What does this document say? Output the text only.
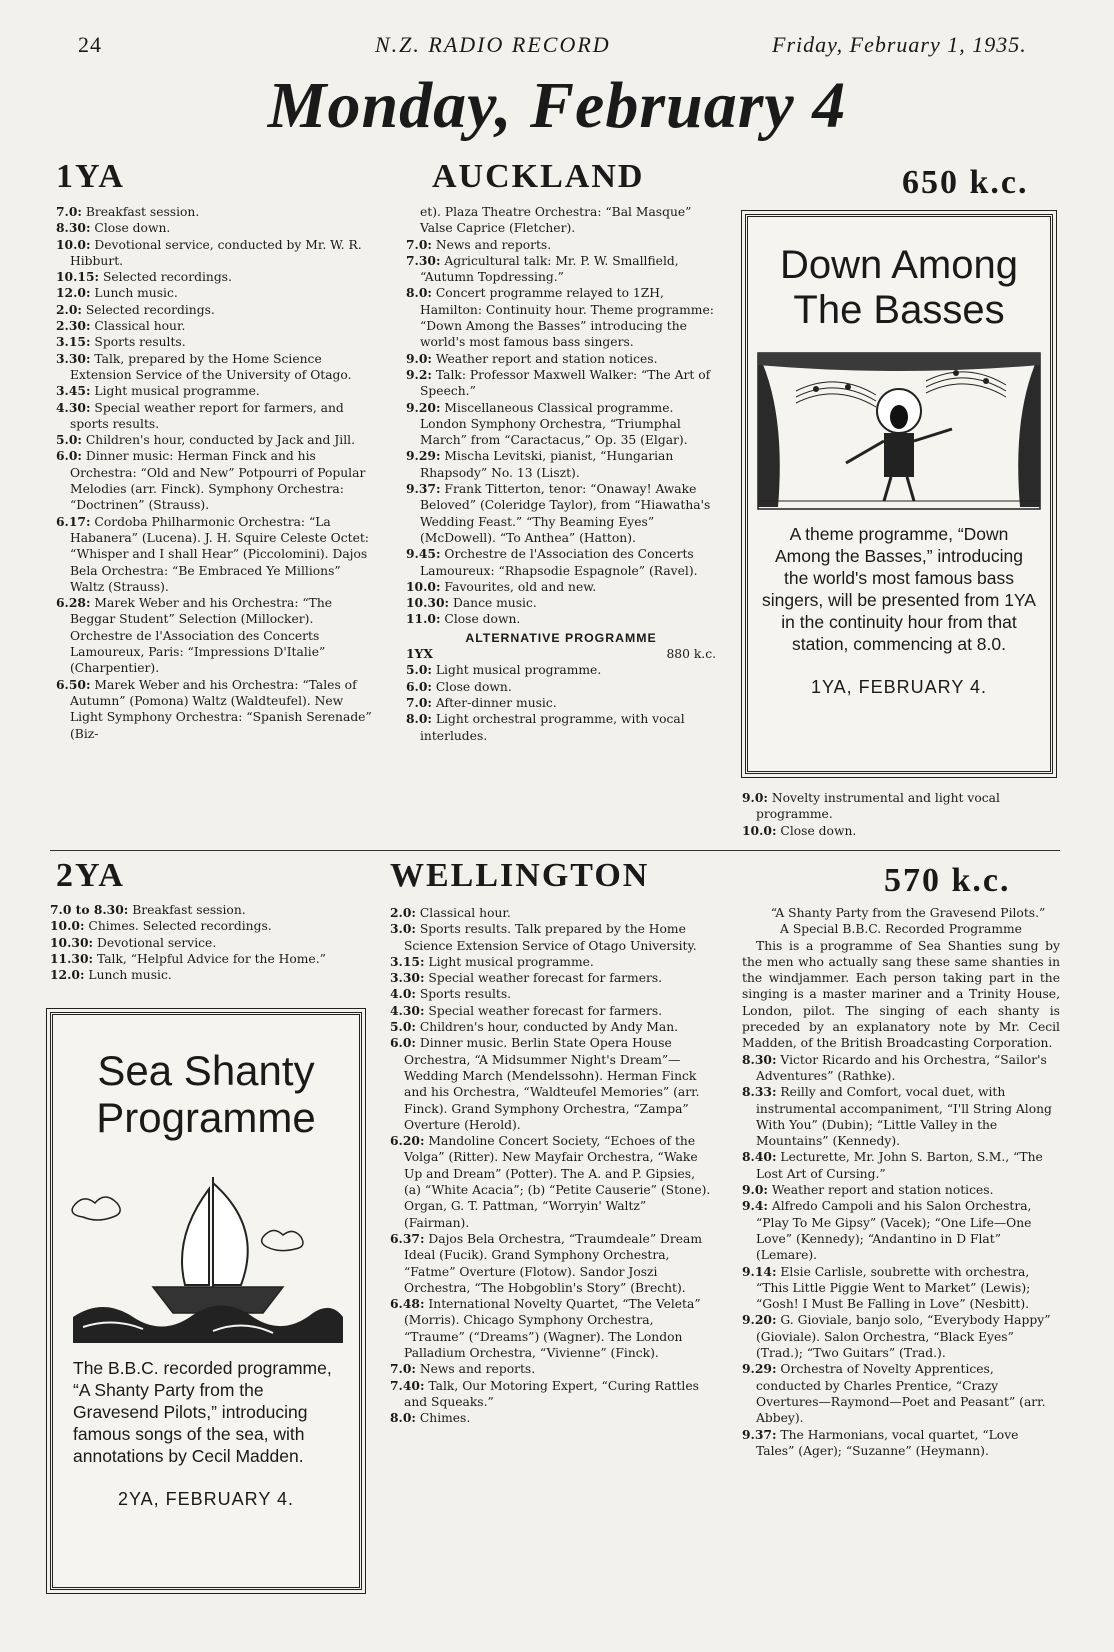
24	N.Z. RADIO RECORD	Friday, February 1, 1935.
Monday, February 4
1YA	AUCKLAND	650 k.c.

7.0: Breakfast session.

8.30: Close down.

10.0: Devotional service, conducted by Mr. W. R. Hibburt.

10.15: Selected recordings.

12.0: Lunch music.

2.0: Selected recordings.

2.30: Classical hour.

3.15: Sports results.

3.30: Talk, prepared by the Home Science Extension Service of the University of Otago.

3.45: Light musical programme.

4.30: Special weather report for farmers, and sports results.

5.0: Children's hour, conducted by Jack and Jill.

6.0: Dinner music: Herman Finck and his Orchestra: “Old and New” Potpourri of Popular Melodies (arr. Finck). Symphony Orchestra: “Doctrinen” (Strauss).

6.17: Cordoba Philharmonic Orchestra: “La Habanera” (Lucena). J. H. Squire Celeste Octet: “Whisper and I shall Hear” (Piccolomini). Dajos Bela Orchestra: “Be Embraced Ye Millions” Waltz (Strauss).

6.28: Marek Weber and his Orchestra: “The Beggar Student” Selection (Millocker). Orchestre de l'Association des Concerts Lamoureux, Paris: “Impressions D'Italie” (Charpentier).

6.50: Marek Weber and his Orchestra: “Tales of Autumn” (Pomona) Waltz (Waldteufel). New Light Symphony Orchestra: “Spanish Serenade” (Biz-

et). Plaza Theatre Orchestra: “Bal Masque” Valse Caprice (Fletcher).

7.0: News and reports.

7.30: Agricultural talk: Mr. P. W. Smallfield, “Autumn Topdressing.”

8.0: Concert programme relayed to 1ZH, Hamilton: Continuity hour. Theme programme: “Down Among the Basses” introducing the world's most famous bass singers.

9.0: Weather report and station notices.

9.2: Talk: Professor Maxwell Walker: “The Art of Speech.”

9.20: Miscellaneous Classical programme. London Symphony Orchestra, “Triumphal March” from “Caractacus,” Op. 35 (Elgar).

9.29: Mischa Levitski, pianist, “Hungarian Rhapsody” No. 13 (Liszt).

9.37: Frank Titterton, tenor: “Onaway! Awake Beloved” (Coleridge Taylor), from “Hiawatha's Wedding Feast.” “Thy Beaming Eyes” (McDowell). “To Anthea” (Hatton).

9.45: Orchestre de l'Association des Concerts Lamoureux: “Rhapsodie Espagnole” (Ravel).

10.0: Favourites, old and new.

10.30: Dance music.

11.0: Close down.

ALTERNATIVE PROGRAMME

1YX	880 k.c.

5.0: Light musical programme.

6.0: Close down.

7.0: After-dinner music.

8.0: Light orchestral programme, with vocal interludes.

Down Among

The Basses

A theme programme, “Down Among the Basses,” introducing the world's most famous bass singers, will be presented from 1YA in the continuity hour from that station, commencing at 8.0.

1YA, FEBRUARY 4.

9.0: Novelty instrumental and light vocal programme.

10.0: Close down.

2YA	WELLINGTON	570 k.c.

7.0 to 8.30: Breakfast session.

10.0: Chimes. Selected recordings.

10.30: Devotional service.

11.30: Talk, “Helpful Advice for the Home.”

12.0: Lunch music.

Sea Shanty

Programme

The B.B.C. recorded programme, “A Shanty Party from the Gravesend Pilots,” introducing famous songs of the sea, with annotations by Cecil Madden.

2YA, FEBRUARY 4.

2.0: Classical hour.

3.0: Sports results. Talk prepared by the Home Science Extension Service of Otago University.

3.15: Light musical programme.

3.30: Special weather forecast for farmers.

4.0: Sports results.

4.30: Special weather forecast for farmers.

5.0: Children's hour, conducted by Andy Man.

6.0: Dinner music. Berlin State Opera House Orchestra, “A Midsummer Night's Dream”—Wedding March (Mendelssohn). Herman Finck and his Orchestra, “Waldteufel Memories” (arr. Finck). Grand Symphony Orchestra, “Zampa” Overture (Herold).

6.20: Mandoline Concert Society, “Echoes of the Volga” (Ritter). New Mayfair Orchestra, “Wake Up and Dream” (Potter). The A. and P. Gipsies, (a) “White Acacia”; (b) “Petite Causerie” (Stone). Organ, G. T. Pattman, “Worryin' Waltz” (Fairman).

6.37: Dajos Bela Orchestra, “Traumdeale” Dream Ideal (Fucik). Grand Symphony Orchestra, “Fatme” Overture (Flotow). Sandor Joszi Orchestra, “The Hobgoblin's Story” (Brecht).

6.48: International Novelty Quartet, “The Veleta” (Morris). Chicago Symphony Orchestra, “Traume” (“Dreams”) (Wagner). The London Palladium Orchestra, “Vivienne” (Finck).

7.0: News and reports.

7.40: Talk, Our Motoring Expert, “Curing Rattles and Squeaks.”

8.0: Chimes.

“A Shanty Party from the Gravesend Pilots.”

A Special B.B.C. Recorded Programme

This is a programme of Sea Shanties sung by the men who actually sang these same shanties in the windjammer. Each person taking part in the singing is a master mariner and a Trinity House, London, pilot. The singing of each shanty is preceded by an explanatory note by Mr. Cecil Madden, of the British Broadcasting Corporation.

8.30: Victor Ricardo and his Orchestra, “Sailor's Adventures” (Rathke).

8.33: Reilly and Comfort, vocal duet, with instrumental accompaniment, “I'll String Along With You” (Dubin); “Little Valley in the Mountains” (Kennedy).

8.40: Lecturette, Mr. John S. Barton, S.M., “The Lost Art of Cursing.”

9.0: Weather report and station notices.

9.4: Alfredo Campoli and his Salon Orchestra, “Play To Me Gipsy” (Vacek); “One Life—One Love” (Kennedy); “Andantino in D Flat” (Lemare).

9.14: Elsie Carlisle, soubrette with orchestra, “This Little Piggie Went to Market” (Lewis); “Gosh! I Must Be Falling in Love” (Nesbitt).

9.20: G. Gioviale, banjo solo, “Everybody Happy” (Gioviale). Salon Orchestra, “Black Eyes” (Trad.); “Two Guitars” (Trad.).

9.29: Orchestra of Novelty Apprentices, conducted by Charles Prentice, “Crazy Overtures—Raymond—Poet and Peasant” (arr. Abbey).

9.37: The Harmonians, vocal quartet, “Love Tales” (Ager); “Suzanne” (Heymann).
